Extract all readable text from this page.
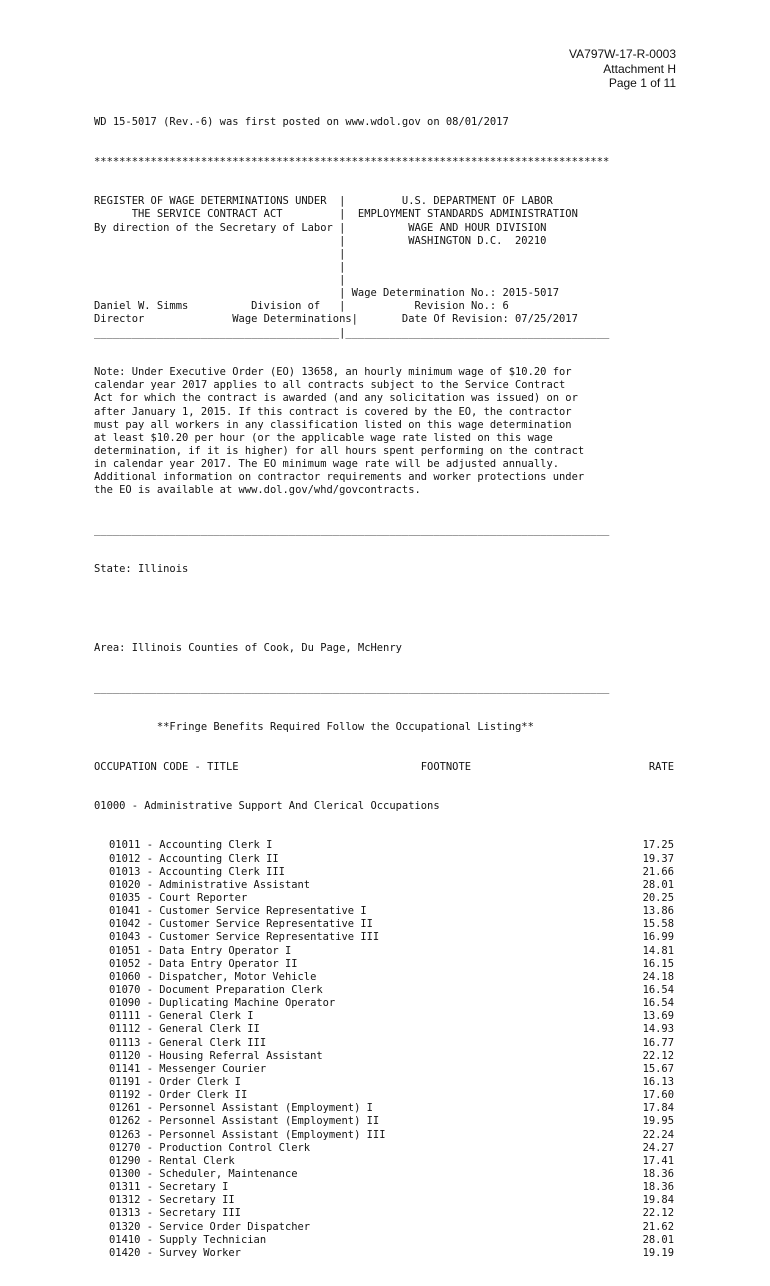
VA797W-17-R-0003
Attachment H
Page 1 of 11

WD 15-5017 (Rev.-6) was first posted on www.wdol.gov on 08/01/2017

**********************************************************************************

REGISTER OF WAGE DETERMINATIONS UNDER  |         U.S. DEPARTMENT OF LABOR
THE SERVICE CONTRACT ACT         |  EMPLOYMENT STANDARDS ADMINISTRATION
By direction of the Secretary of Labor |          WAGE AND HOUR DIVISION
|          WASHINGTON D.C.  20210
|
|
|
| Wage Determination No.: 2015-5017
Daniel W. Simms          Division of   |           Revision No.: 6
Director              Wage Determinations|       Date Of Revision: 07/25/2017
_______________________________________|__________________________________________

Note: Under Executive Order (EO) 13658, an hourly minimum wage of $10.20 for
calendar year 2017 applies to all contracts subject to the Service Contract
Act for which the contract is awarded (and any solicitation was issued) on or
after January 1, 2015. If this contract is covered by the EO, the contractor
must pay all workers in any classification listed on this wage determination
at least $10.20 per hour (or the applicable wage rate listed on this wage
determination, if it is higher) for all hours spent performing on the contract
in calendar year 2017. The EO minimum wage rate will be adjusted annually.
Additional information on contractor requirements and worker protections under
the EO is available at www.dol.gov/whd/govcontracts.

__________________________________________________________________________________

State: Illinois

Area: Illinois Counties of Cook, Du Page, McHenry

__________________________________________________________________________________

**Fringe Benefits Required Follow the Occupational Listing**

OCCUPATION CODE - TITLE                             FOOTNOTE	RATE

01000 - Administrative Support And Clerical Occupations

01011 - Accounting Clerk I	17.25
01012 - Accounting Clerk II	19.37
01013 - Accounting Clerk III	21.66
01020 - Administrative Assistant	28.01
01035 - Court Reporter	20.25
01041 - Customer Service Representative I	13.86
01042 - Customer Service Representative II	15.58
01043 - Customer Service Representative III	16.99
01051 - Data Entry Operator I	14.81
01052 - Data Entry Operator II	16.15
01060 - Dispatcher, Motor Vehicle	24.18
01070 - Document Preparation Clerk	16.54
01090 - Duplicating Machine Operator	16.54
01111 - General Clerk I	13.69
01112 - General Clerk II	14.93
01113 - General Clerk III	16.77
01120 - Housing Referral Assistant	22.12
01141 - Messenger Courier	15.67
01191 - Order Clerk I	16.13
01192 - Order Clerk II	17.60
01261 - Personnel Assistant (Employment) I	17.84
01262 - Personnel Assistant (Employment) II	19.95
01263 - Personnel Assistant (Employment) III	22.24
01270 - Production Control Clerk	24.27
01290 - Rental Clerk	17.41
01300 - Scheduler, Maintenance	18.36
01311 - Secretary I	18.36
01312 - Secretary II	19.84
01313 - Secretary III	22.12
01320 - Service Order Dispatcher	21.62
01410 - Supply Technician	28.01
01420 - Survey Worker	19.19
